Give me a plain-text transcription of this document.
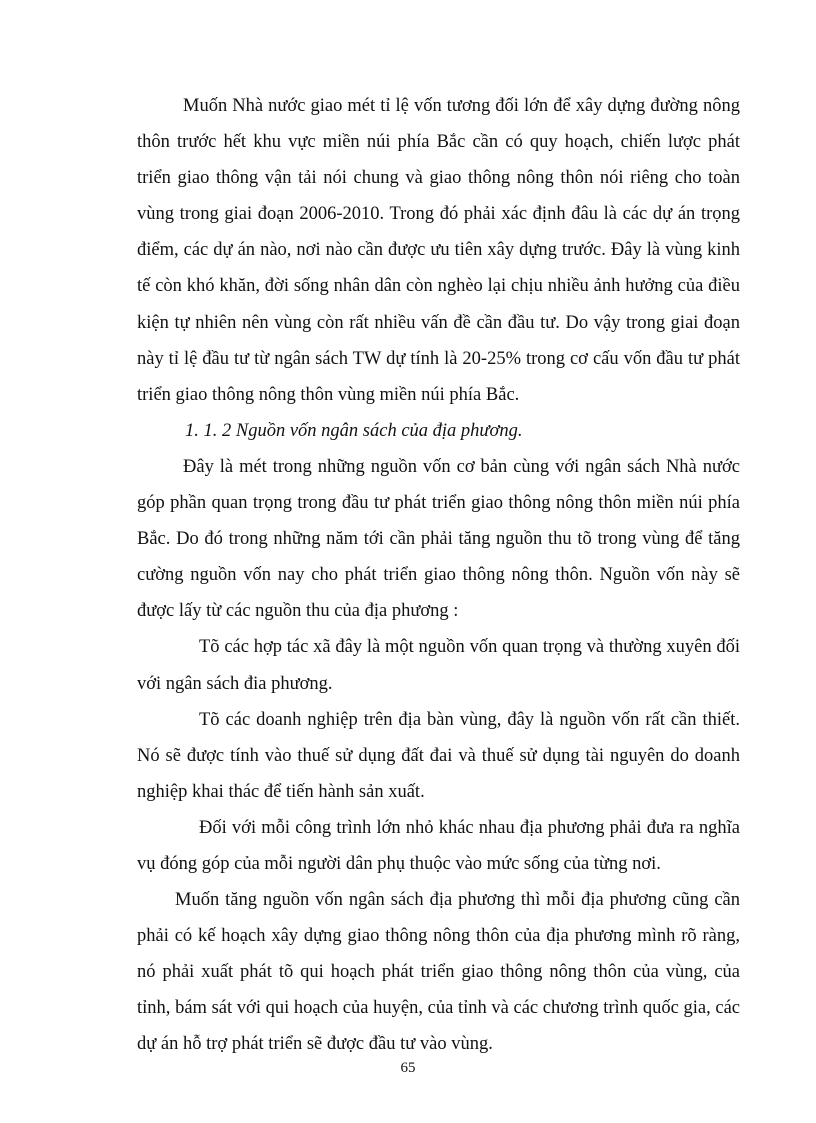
Muốn Nhà nước giao mét tỉ lệ vốn tương đối lớn để xây dựng đường nông thôn trước hết khu vực miền núi phía Bắc cần có quy hoạch, chiến lược phát triển giao thông vận tải nói chung và giao thông nông thôn nói riêng cho toàn vùng trong giai đoạn 2006-2010. Trong đó phải xác định đâu là các dự án trọng điểm, các dự án nào, nơi nào cần được ưu tiên xây dựng trước. Đây là vùng kinh tế còn khó khăn, đời sống nhân dân còn nghèo lại chịu nhiều ảnh hưởng của điều kiện tự nhiên nên vùng còn rất nhiều vấn đề cần đầu tư. Do vậy trong giai đoạn này tỉ lệ đầu tư từ ngân sách TW dự tính là 20-25% trong cơ cấu vốn đầu tư phát triển giao thông nông thôn vùng miền núi phía Bắc.

1. 1. 2 Nguồn vốn ngân sách của địa phương.

Đây là mét trong những nguồn vốn cơ bản cùng với ngân sách Nhà nước góp phần quan trọng trong đầu tư phát triển giao thông nông thôn miền núi phía Bắc. Do đó trong những năm tới cần phải tăng nguồn thu tõ trong vùng để tăng cường nguồn vốn nay cho phát triển giao thông nông thôn. Nguồn vốn này sẽ được lấy từ các nguồn thu của địa phương :

Tõ các hợp tác xã đây là một nguồn vốn quan trọng và thường xuyên đối với ngân sách đia phương.

Tõ các doanh nghiệp trên địa bàn vùng, đây là nguồn vốn rất cần thiết. Nó sẽ được tính vào thuế sử dụng đất đai và thuế sử dụng tài nguyên do doanh nghiệp khai thác để tiến hành sản xuất.

Đối với mỗi công trình lớn nhỏ khác nhau địa phương phải đưa ra nghĩa vụ đóng góp của mỗi người dân phụ thuộc vào mức sống của từng nơi.

Muốn tăng nguồn vốn ngân sách địa phương thì mỗi địa phương cũng cần phải có kế hoạch xây dựng giao thông nông thôn của địa phương mình rõ ràng, nó phải xuất phát tõ qui hoạch phát triển giao thông nông thôn của vùng, của tỉnh, bám sát với qui hoạch của huyện, của tỉnh và các chương trình quốc gia, các dự án hỗ trợ phát triển sẽ được đầu tư vào vùng.

65
